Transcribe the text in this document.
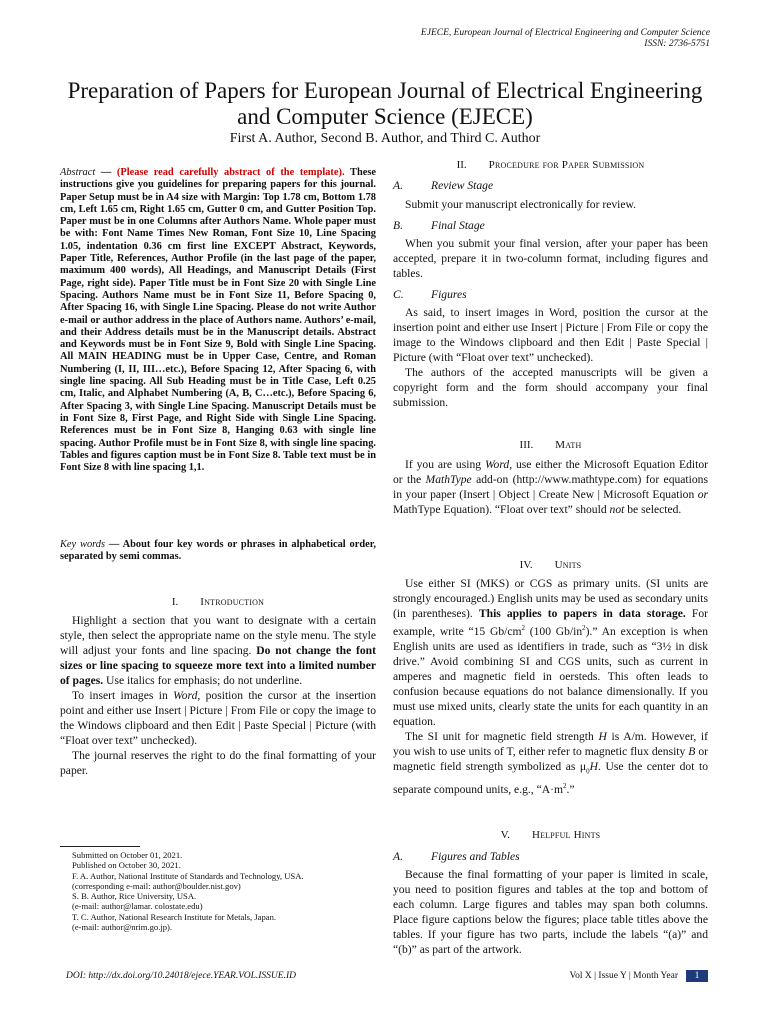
EJECE, European Journal of Electrical Engineering and Computer Science
ISSN: 2736-5751
Preparation of Papers for European Journal of Electrical Engineering and Computer Science (EJECE)
First A. Author, Second B. Author, and Third C. Author
Abstract — (Please read carefully abstract of the template). These instructions give you guidelines for preparing papers for this journal. Paper Setup must be in A4 size with Margin: Top 1.78 cm, Bottom 1.78 cm, Left 1.65 cm, Right 1.65 cm, Gutter 0 cm, and Gutter Position Top. Paper must be in one Columns after Authors Name. Whole paper must be with: Font Name Times New Roman, Font Size 10, Line Spacing 1.05, indentation 0.36 cm first line EXCEPT Abstract, Keywords, Paper Title, References, Author Profile (in the last page of the paper, maximum 400 words), All Headings, and Manuscript Details (First Page, right side). Paper Title must be in Font Size 20 with Single Line Spacing. Authors Name must be in Font Size 11, Before Spacing 0, After Spacing 16, with Single Line Spacing. Please do not write Author e-mail or author address in the place of Authors name. Authors’ e-mail, and their Address details must be in the Manuscript details. Abstract and Keywords must be in Font Size 9, Bold with Single Line Spacing. All MAIN HEADING must be in Upper Case, Centre, and Roman Numbering (I, II, III…etc.), Before Spacing 12, After Spacing 6, with single line spacing. All Sub Heading must be in Title Case, Left 0.25 cm, Italic, and Alphabet Numbering (A, B, C…etc.), Before Spacing 6, After Spacing 3, with Single Line Spacing. Manuscript Details must be in Font Size 8, First Page, and Right Side with Single Line Spacing. References must be in Font Size 8, Hanging 0.63 with single line spacing. Author Profile must be in Font Size 8, with single line spacing. Tables and figures caption must be in Font Size 8. Table text must be in Font Size 8 with line spacing 1,1.
Key words — About four key words or phrases in alphabetical order, separated by semi commas.
I. Introduction

Highlight a section that you want to designate with a certain style, then select the appropriate name on the style menu. The style will adjust your fonts and line spacing. Do not change the font sizes or line spacing to squeeze more text into a limited number of pages. Use italics for emphasis; do not underline.

To insert images in Word, position the cursor at the insertion point and either use Insert | Picture | From File or copy the image to the Windows clipboard and then Edit | Paste Special | Picture (with “Float over text” unchecked).

The journal reserves the right to do the final formatting of your paper.

Submitted on October 01, 2021.
Published on October 30, 2021.
F. A. Author, National Institute of Standards and Technology, USA.
(corresponding e-mail: author@boulder.nist.gov)
S. B. Author, Rice University, USA.
(e-mail: author@lamar. colostate.edu)
T. C. Author, National Research Institute for Metals, Japan.
(e-mail: author@nrim.go.jp).
II. Procedure for Paper Submission
A. Review Stage

Submit your manuscript electronically for review.

B. Final Stage

When you submit your final version, after your paper has been accepted, prepare it in two-column format, including figures and tables.

C. Figures

As said, to insert images in Word, position the cursor at the insertion point and either use Insert | Picture | From File or copy the image to the Windows clipboard and then Edit | Paste Special | Picture (with “Float over text” unchecked).

The authors of the accepted manuscripts will be given a copyright form and the form should accompany your final submission.

III. Math

If you are using Word, use either the Microsoft Equation Editor or the MathType add-on (http://www.mathtype.com) for equations in your paper (Insert | Object | Create New | Microsoft Equation or MathType Equation). “Float over text” should not be selected.

IV. Units

Use either SI (MKS) or CGS as primary units. (SI units are strongly encouraged.) English units may be used as secondary units (in parentheses). This applies to papers in data storage. For example, write “15 $Gb/cm^2$ (100 $Gb/in^2$).” An exception is when English units are used as identifiers in trade, such as “3½ in disk drive.” Avoid combining SI and CGS units, such as current in amperes and magnetic field in oersteds. This often leads to confusion because equations do not balance dimensionally. If you must use mixed units, clearly state the units for each quantity in an equation.

The SI unit for magnetic field strength H is A/m. However, if you wish to use units of T, either refer to magnetic flux density B or magnetic field strength symbolized as $\mu_0H$. Use the center dot to separate compound units, e.g., “$A\cdot m^2$.”

V. Helpful Hints
A. Figures and Tables

Because the final formatting of your paper is limited in scale, you need to position figures and tables at the top and bottom of each column. Large figures and tables may span both columns. Place figure captions below the figures; place table titles above the tables. If your figure has two parts, include the labels “(a)” and “(b)” as part of the artwork.

DOI: http://dx.doi.org/10.24018/ejece.YEAR.VOL.ISSUE.ID	Vol X | Issue Y | Month Year	1
